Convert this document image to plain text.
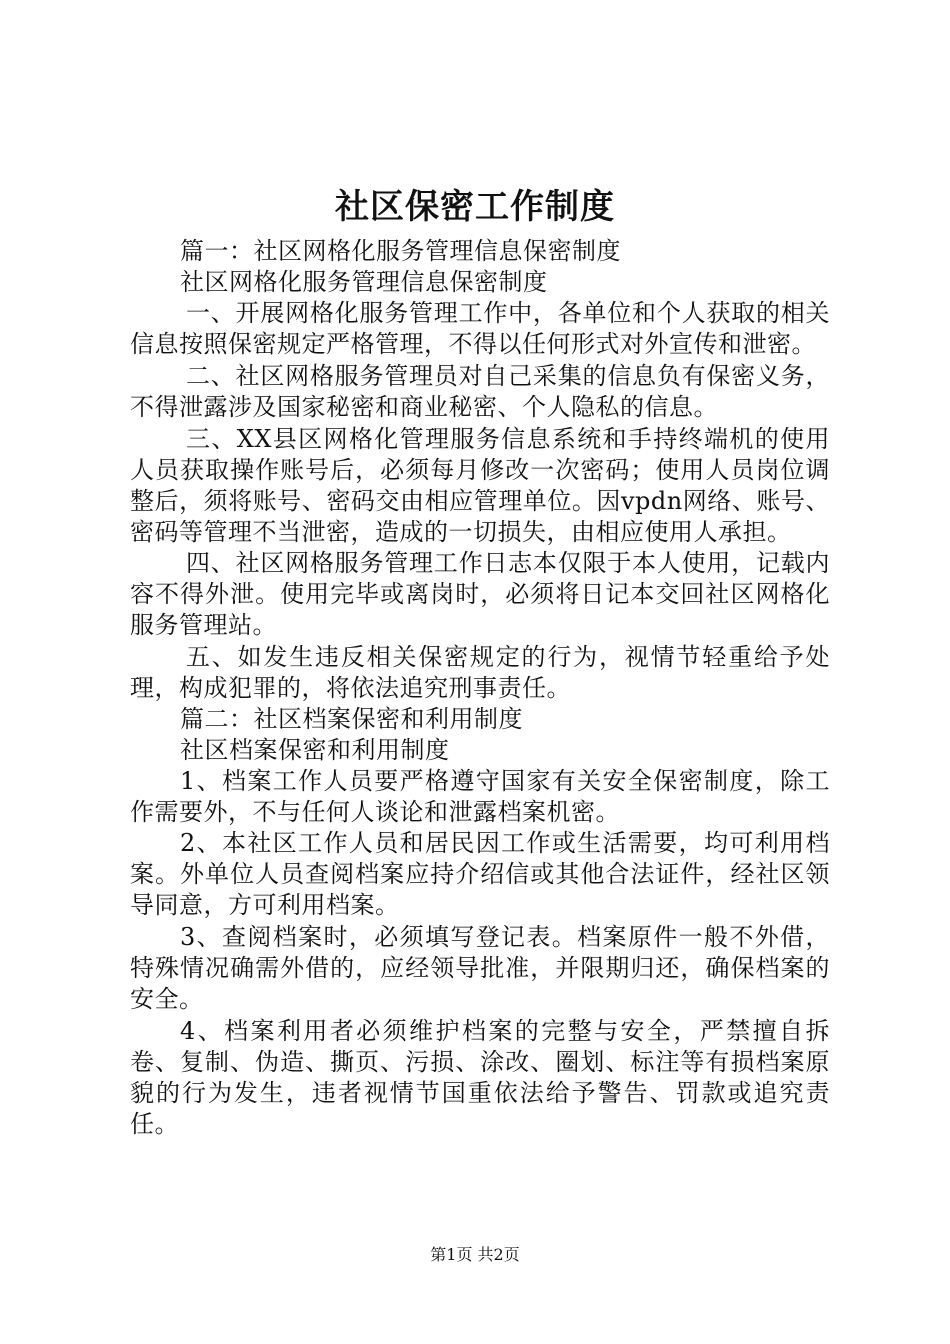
社区保密工作制度

篇一：社区网格化服务管理信息保密制度

社区网格化服务管理信息保密制度

一、开展网格化服务管理工作中，各单位和个人获取的相关信息按照保密规定严格管理，不得以任何形式对外宣传和泄密。

二、社区网格服务管理员对自己采集的信息负有保密义务，不得泄露涉及国家秘密和商业秘密、个人隐私的信息。

三、XX县区网格化管理服务信息系统和手持终端机的使用人员获取操作账号后，必须每月修改一次密码；使用人员岗位调整后，须将账号、密码交由相应管理单位。因vpdn网络、账号、密码等管理不当泄密，造成的一切损失，由相应使用人承担。

四、社区网格服务管理工作日志本仅限于本人使用，记载内容不得外泄。使用完毕或离岗时，必须将日记本交回社区网格化服务管理站。

五、如发生违反相关保密规定的行为，视情节轻重给予处理，构成犯罪的，将依法追究刑事责任。

篇二：社区档案保密和利用制度

社区档案保密和利用制度

1、档案工作人员要严格遵守国家有关安全保密制度，除工作需要外，不与任何人谈论和泄露档案机密。

2、本社区工作人员和居民因工作或生活需要，均可利用档案。外单位人员查阅档案应持介绍信或其他合法证件，经社区领导同意，方可利用档案。

3、查阅档案时，必须填写登记表。档案原件一般不外借，特殊情况确需外借的，应经领导批准，并限期归还，确保档案的安全。

4、档案利用者必须维护档案的完整与安全，严禁擅自拆卷、复制、伪造、撕页、污损、涂改、圈划、标注等有损档案原貌的行为发生，违者视情节国重依法给予警告、罚款或追究责任。

第1页 共2页
